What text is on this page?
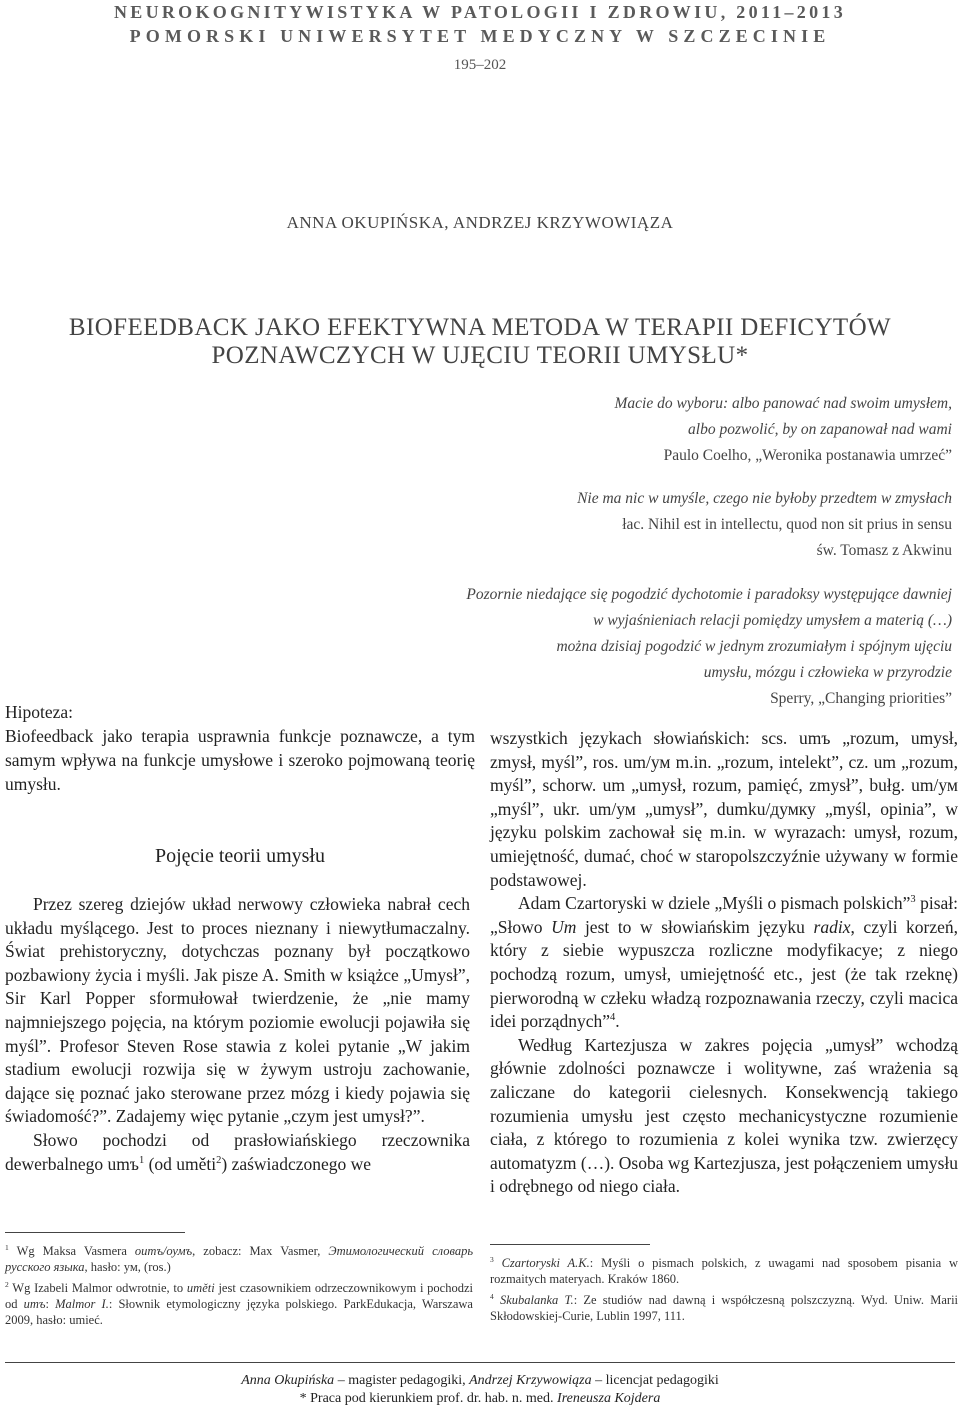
NEUROKOGNITYWISTYKA W PATOLOGII I ZDROWIU, 2011–2013
POMORSKI UNIWERSYTET MEDYCZNY W SZCZECINIE
195–202
ANNA OKUPIŃSKA, ANDRZEJ KRZYWOWIĄZA
BIOFEEDBACK JAKO EFEKTYWNA METODA W TERAPII DEFICYTÓW
POZNAWCZYCH W UJĘCIU TEORII UMYSŁU*
Macie do wyboru: albo panować nad swoim umysłem,
albo pozwolić, by on zapanował nad wami
Paulo Coelho, „Weronika postanawia umrzeć”
Nie ma nic w umyśle, czego nie byłoby przedtem w zmysłach
łac. Nihil est in intellectu, quod non sit prius in sensu
św. Tomasz z Akwinu
Pozornie niedające się pogodzić dychotomie i paradoksy występujące dawniej
w wyjaśnieniach relacji pomiędzy umysłem a materią (…)
można dzisiaj pogodzić w jednym zrozumiałym i spójnym ujęciu
umysłu, mózgu i człowieka w przyrodzie
Sperry, „Changing priorities”
Hipoteza:
Biofeedback jako terapia usprawnia funkcje poznawcze, a tym samym wpływa na funkcje umysłowe i szeroko pojmowaną teorię umysłu.
Pojęcie teorii umysłu

Przez szereg dziejów układ nerwowy człowieka nabrał cech układu myślącego. Jest to proces nieznany i niewytłumaczalny. Świat prehistoryczny, dotychczas poznany był początkowo pozbawiony życia i myśli. Jak pisze A. Smith w książce „Umysł”, Sir Karl Popper sformułował twierdzenie, że „nie mamy najmniejszego pojęcia, na którym poziomie ewolucji pojawiła się myśl”. Profesor Steven Rose stawia z kolei pytanie „W jakim stadium ewolucji rozwija się w żywym ustroju zachowanie, dające się poznać jako sterowane przez mózg i kiedy pojawia się świadomość?”. Zadajemy więc pytanie „czym jest umysł?”.

Słowo pochodzi od prasłowiańskiego rzeczownika dewerbalnego umъ$^1$ (od uměti$^2$) zaświadczonego we

wszystkich językach słowiańskich: scs. umъ „rozum, umysł, zmysł, myśl”, ros. um/ум m.in. „rozum, intelekt”, cz. um „rozum, myśl”, schorw. um „umysł, rozum, pamięć, zmysł”, bułg. um/ум „myśl”, ukr. um/ум „umysł”, dumku/думку „myśl, opinia”, w języku polskim zachował się m.in. w wyrazach: umysł, rozum, umiejętność, dumać, choć w staropolszczyźnie używany w formie podstawowej.

Adam Czartoryski w dziele „Myśli o pismach polskich”$^3$ pisał: „Słowo Um jest to w słowiańskim języku radix, czyli korzeń, który z siebie wypuszcza rozliczne modyfikacye; z niego pochodzą rozum, umysł, umiejętność etc., jest (że tak rzeknę) pierworodną w człeku władzą rozpoznawania rzeczy, czyli macica idei porządnych”$^4$.

Według Kartezjusza w zakres pojęcia „umysł” wchodzą głównie zdolności poznawcze i wolitywne, zaś wrażenia są zaliczane do kategorii cielesnych. Konsekwencją takiego rozumienia umysłu jest często mechanicystyczne rozumienie ciała, z którego to rozumienia z kolei wynika tzw. zwierzęcy automatyzm (…). Osoba wg Kartezjusza, jest połączeniem umysłu i odrębnego od niego ciała.

$^1$ Wg Maksa Vasmera oumъ/оумъ, zobacz: Max Vasmer, Этимологический словарь русского языка, hasło: ум, (ros.)

$^2$ Wg Izabeli Malmor odwrotnie, to uměti jest czasownikiem odrzeczownikowym i pochodzi od umъ: Malmor I.: Słownik etymologiczny języka polskiego. ParkEdukacja, Warszawa 2009, hasło: umieć.

$^3$ Czartoryski A.K.: Myśli o pismach polskich, z uwagami nad sposobem pisania w rozmaitych materyach. Kraków 1860.

$^4$ Skubalanka T.: Ze studiów nad dawną i współczesną polszczyzną. Wyd. Uniw. Marii Skłodowskiej-Curie, Lublin 1997, 111.

Anna Okupińska – magister pedagogiki, Andrzej Krzywowiąza – licencjat pedagogiki
* Praca pod kierunkiem prof. dr. hab. n. med. Ireneusza Kojdera
